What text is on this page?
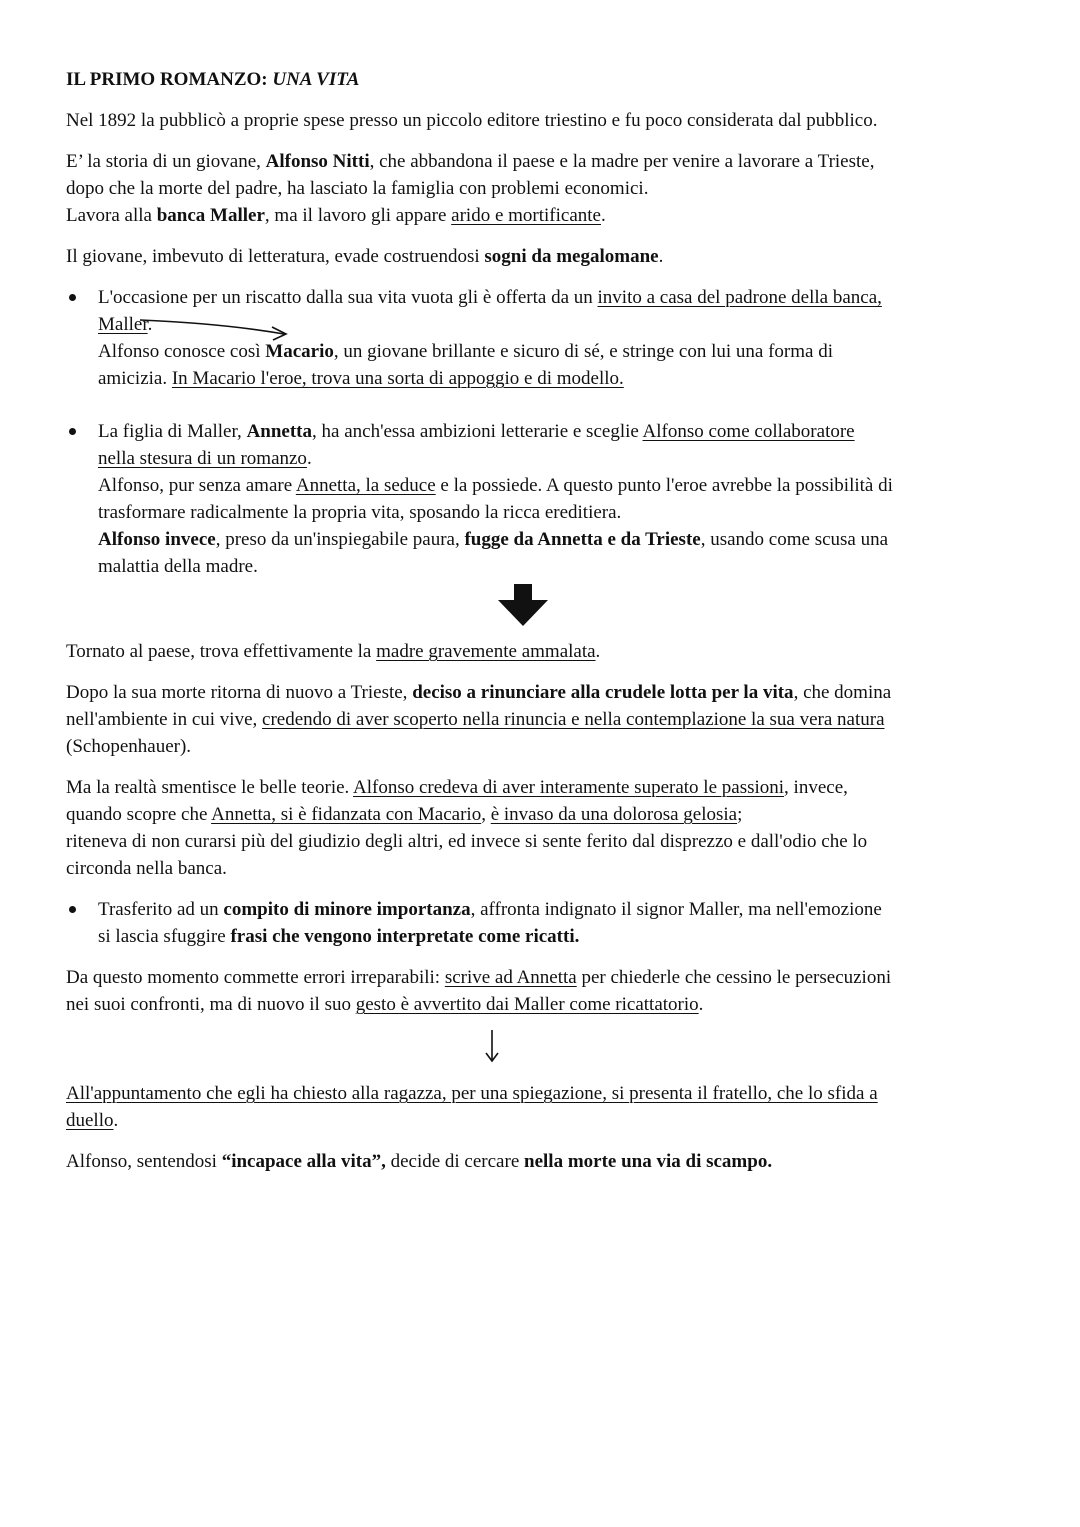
IL PRIMO ROMANZO: UNA VITA

Nel 1892 la pubblicò a proprie spese presso un piccolo editore triestino e fu poco considerata dal pubblico.

E’ la storia di un giovane, Alfonso Nitti, che abbandona il paese e la madre per venire a lavorare a Trieste,
dopo che la morte del padre, ha lasciato la famiglia con problemi economici.
Lavora alla banca Maller, ma il lavoro gli appare arido e mortificante.

Il giovane, imbevuto di letteratura, evade costruendosi sogni da megalomane.

L'occasione per un riscatto dalla sua vita vuota gli è offerta da un invito a casa del padrone della banca,
Maller.
Alfonso conosce così Macario, un giovane brillante e sicuro di sé, e stringe con lui una forma di
amicizia. In Macario l'eroe, trova una sorta di appoggio e di modello.
La figlia di Maller, Annetta, ha anch'essa ambizioni letterarie e sceglie Alfonso come collaboratore
nella stesura di un romanzo.
Alfonso, pur senza amare Annetta, la seduce e la possiede. A questo punto l'eroe avrebbe la possibilità di
trasformare radicalmente la propria vita, sposando la ricca ereditiera.
Alfonso invece, preso da un'inspiegabile paura, fugge da Annetta e da Trieste, usando come scusa una
malattia della madre.

Tornato al paese, trova effettivamente la madre gravemente ammalata.

Dopo la sua morte ritorna di nuovo a Trieste, deciso a rinunciare alla crudele lotta per la vita, che domina
nell'ambiente in cui vive, credendo di aver scoperto nella rinuncia e nella contemplazione la sua vera natura
(Schopenhauer).

Ma la realtà smentisce le belle teorie. Alfonso credeva di aver interamente superato le passioni, invece,
quando scopre che Annetta, si è fidanzata con Macario, è invaso da una dolorosa gelosia;
riteneva di non curarsi più del giudizio degli altri, ed invece si sente ferito dal disprezzo e dall'odio che lo
circonda nella banca.

Trasferito ad un compito di minore importanza, affronta indignato il signor Maller, ma nell'emozione
si lascia sfuggire frasi che vengono interpretate come ricatti.

Da questo momento commette errori irreparabili: scrive ad Annetta per chiederle che cessino le persecuzioni
nei suoi confronti, ma di nuovo il suo gesto è avvertito dai Maller come ricattatorio.

All'appuntamento che egli ha chiesto alla ragazza, per una spiegazione, si presenta il fratello, che lo sfida a
duello.

Alfonso, sentendosi “incapace alla vita”, decide di cercare nella morte una via di scampo.
